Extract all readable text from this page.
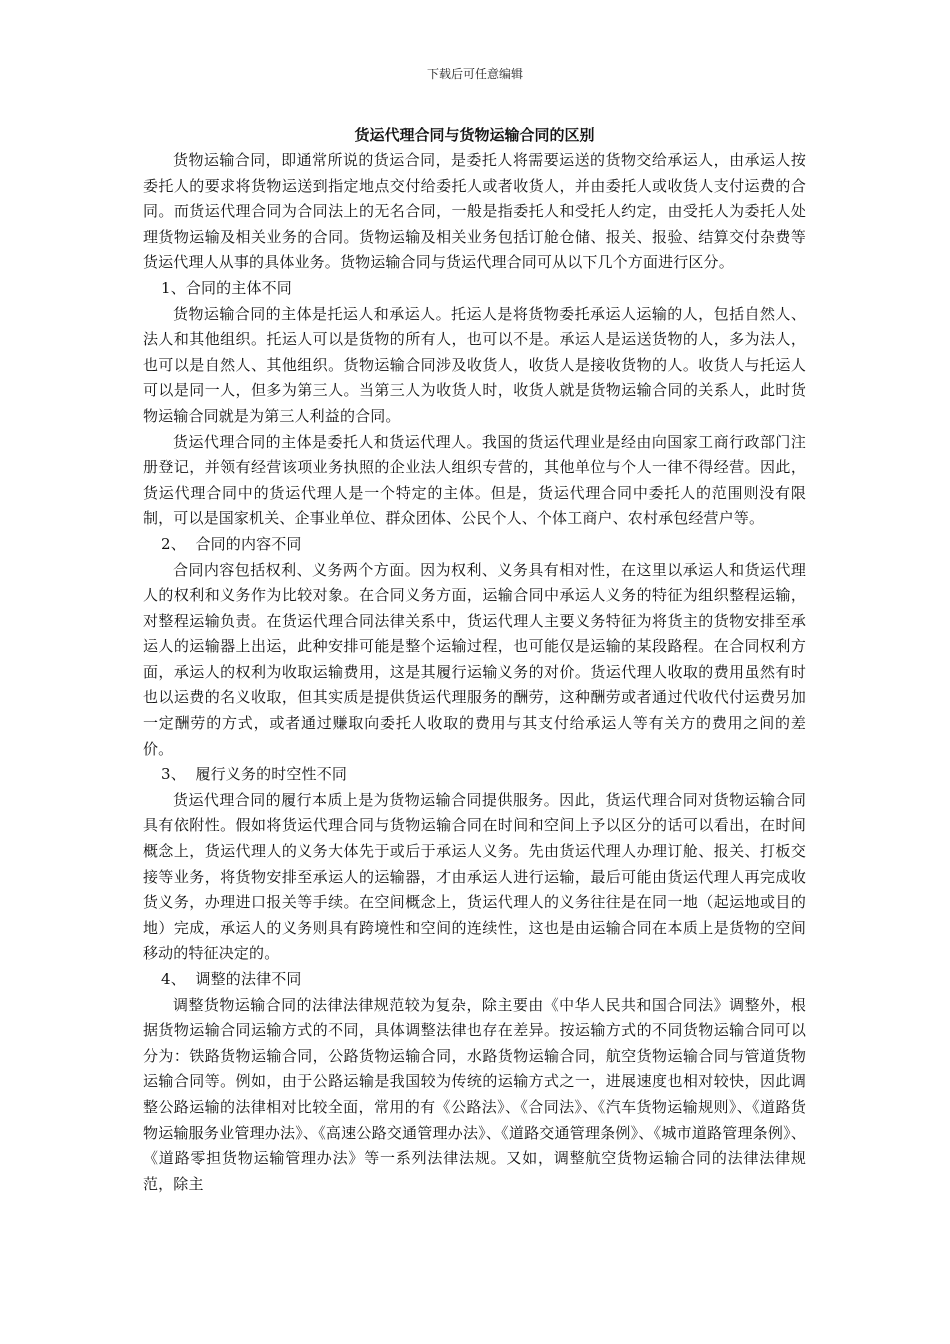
下载后可任意编辑
货运代理合同与货物运输合同的区别

货物运输合同，即通常所说的货运合同，是委托人将需要运送的货物交给承运人，由承运人按委托人的要求将货物运送到指定地点交付给委托人或者收货人，并由委托人或收货人支付运费的合同。而货运代理合同为合同法上的无名合同，一般是指委托人和受托人约定，由受托人为委托人处理货物运输及相关业务的合同。货物运输及相关业务包括订舱仓储、报关、报验、结算交付杂费等货运代理人从事的具体业务。货物运输合同与货运代理合同可从以下几个方面进行区分。

1、合同的主体不同

货物运输合同的主体是托运人和承运人。托运人是将货物委托承运人运输的人，包括自然人、法人和其他组织。托运人可以是货物的所有人，也可以不是。承运人是运送货物的人，多为法人，也可以是自然人、其他组织。货物运输合同涉及收货人，收货人是接收货物的人。收货人与托运人可以是同一人，但多为第三人。当第三人为收货人时，收货人就是货物运输合同的关系人，此时货物运输合同就是为第三人利益的合同。

货运代理合同的主体是委托人和货运代理人。我国的货运代理业是经由向国家工商行政部门注册登记，并领有经营该项业务执照的企业法人组织专营的，其他单位与个人一律不得经营。因此，货运代理合同中的货运代理人是一个特定的主体。但是，货运代理合同中委托人的范围则没有限制，可以是国家机关、企事业单位、群众团体、公民个人、个体工商户、农村承包经营户等。

2、 合同的内容不同

合同内容包括权利、义务两个方面。因为权利、义务具有相对性，在这里以承运人和货运代理人的权利和义务作为比较对象。在合同义务方面，运输合同中承运人义务的特征为组织整程运输，对整程运输负责。在货运代理合同法律关系中，货运代理人主要义务特征为将货主的货物安排至承运人的运输器上出运，此种安排可能是整个运输过程，也可能仅是运输的某段路程。在合同权利方面，承运人的权利为收取运输费用，这是其履行运输义务的对价。货运代理人收取的费用虽然有时也以运费的名义收取，但其实质是提供货运代理服务的酬劳，这种酬劳或者通过代收代付运费另加一定酬劳的方式，或者通过赚取向委托人收取的费用与其支付给承运人等有关方的费用之间的差价。

3、 履行义务的时空性不同

货运代理合同的履行本质上是为货物运输合同提供服务。因此，货运代理合同对货物运输合同具有依附性。假如将货运代理合同与货物运输合同在时间和空间上予以区分的话可以看出，在时间概念上，货运代理人的义务大体先于或后于承运人义务。先由货运代理人办理订舱、报关、打板交接等业务，将货物安排至承运人的运输器，才由承运人进行运输，最后可能由货运代理人再完成收货义务，办理进口报关等手续。在空间概念上，货运代理人的义务往往是在同一地（起运地或目的地）完成，承运人的义务则具有跨境性和空间的连续性，这也是由运输合同在本质上是货物的空间移动的特征决定的。

4、 调整的法律不同

调整货物运输合同的法律法律规范较为复杂，除主要由《中华人民共和国合同法》调整外，根据货物运输合同运输方式的不同，具体调整法律也存在差异。按运输方式的不同货物运输合同可以分为：铁路货物运输合同，公路货物运输合同，水路货物运输合同，航空货物运输合同与管道货物运输合同等。例如，由于公路运输是我国较为传统的运输方式之一，进展速度也相对较快，因此调整公路运输的法律相对比较全面，常用的有《公路法》、《合同法》、《汽车货物运输规则》、《道路货物运输服务业管理办法》、《高速公路交通管理办法》、《道路交通管理条例》、《城市道路管理条例》、《道路零担货物运输管理办法》等一系列法律法规。又如，调整航空货物运输合同的法律法律规范，除主
